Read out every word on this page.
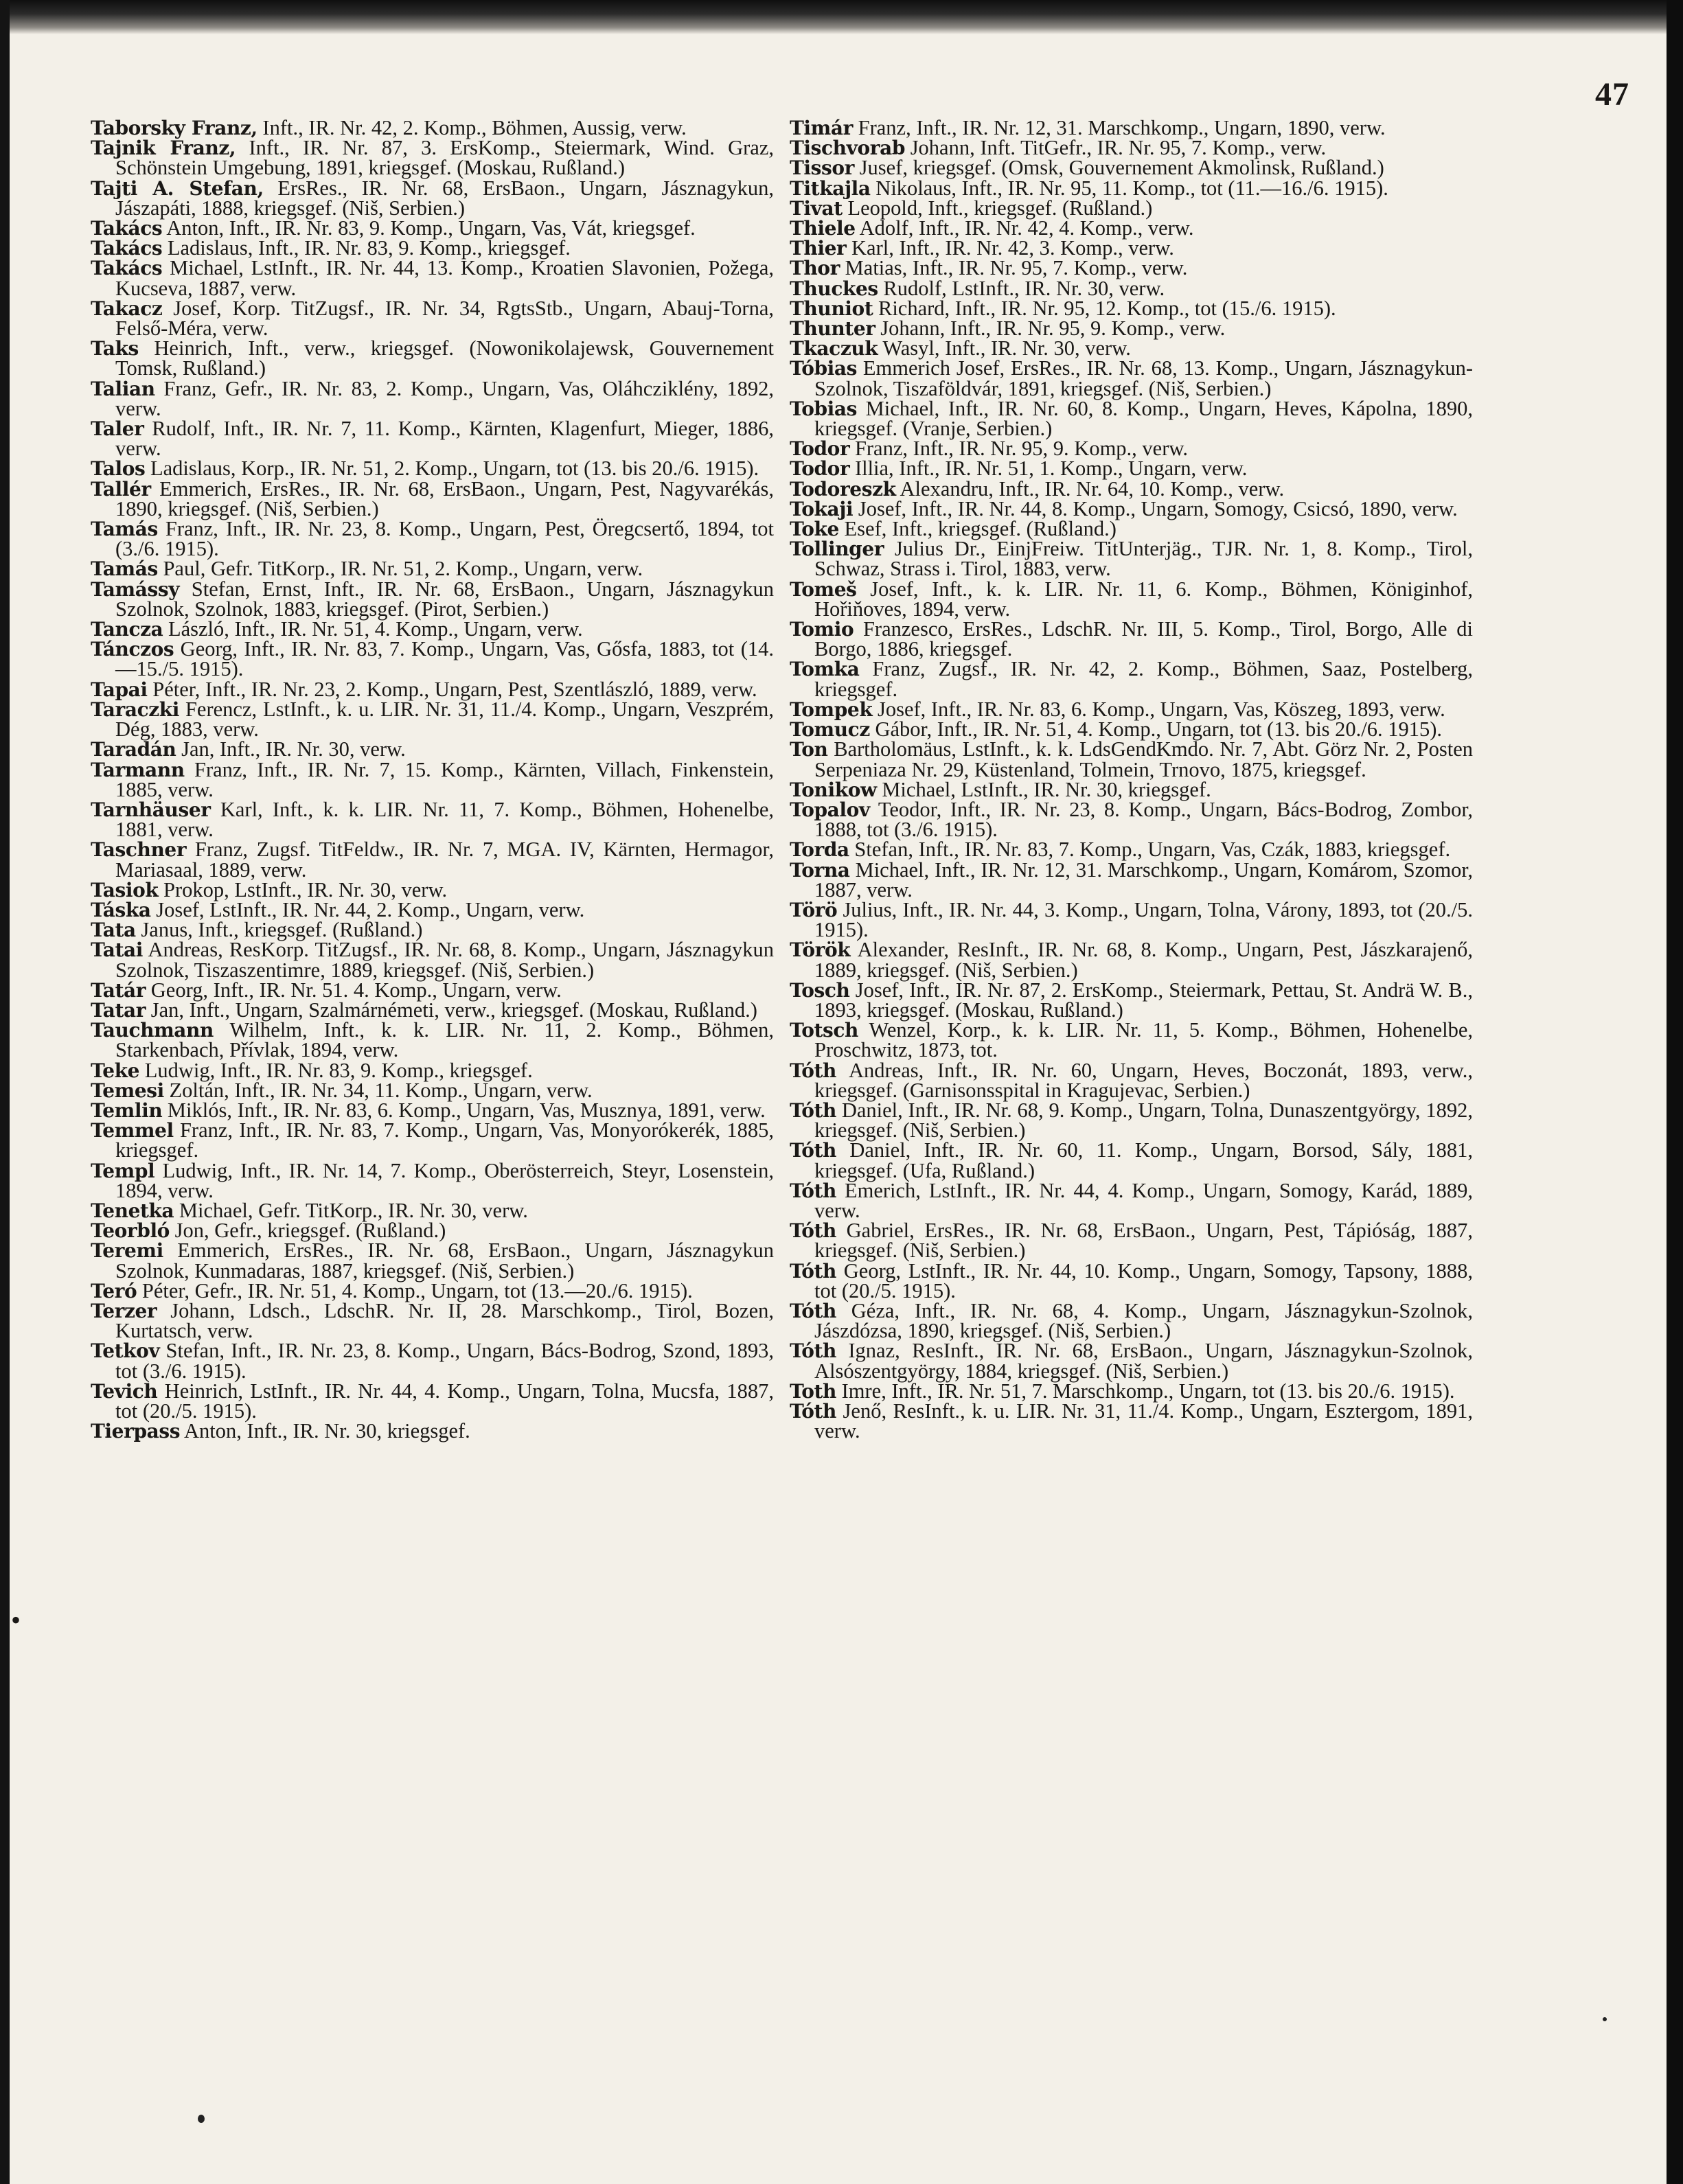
47

Taborsky Franz, Inft., IR. Nr. 42, 2. Komp., Böhmen, Aussig, verw.

Tajnik Franz, Inft., IR. Nr. 87, 3. ErsKomp., Steiermark, Wind. Graz, Schönstein Umgebung, 1891, kriegsgef. (Moskau, Rußland.)

Tajti A. Stefan, ErsRes., IR. Nr. 68, ErsBaon., Ungarn, Jásznagykun, Jászapáti, 1888, kriegsgef. (Niš, Serbien.)

Takács Anton, Inft., IR. Nr. 83, 9. Komp., Ungarn, Vas, Vát, kriegsgef.

Takács Ladislaus, Inft., IR. Nr. 83, 9. Komp., kriegsgef.

Takács Michael, LstInft., IR. Nr. 44, 13. Komp., Kroatien Slavonien, Požega, Kucseva, 1887, verw.

Takacz Josef, Korp. TitZugsf., IR. Nr. 34, RgtsStb., Ungarn, Abauj-Torna, Felső-Méra, verw.

Taks Heinrich, Inft., verw., kriegsgef. (Nowonikolajewsk, Gouvernement Tomsk, Rußland.)

Talian Franz, Gefr., IR. Nr. 83, 2. Komp., Ungarn, Vas, Oláhcziklény, 1892, verw.

Taler Rudolf, Inft., IR. Nr. 7, 11. Komp., Kärnten, Klagenfurt, Mieger, 1886, verw.

Talos Ladislaus, Korp., IR. Nr. 51, 2. Komp., Ungarn, tot (13. bis 20./6. 1915).

Tallér Emmerich, ErsRes., IR. Nr. 68, ErsBaon., Ungarn, Pest, Nagyvarékás, 1890, kriegsgef. (Niš, Serbien.)

Tamás Franz, Inft., IR. Nr. 23, 8. Komp., Ungarn, Pest, Öregcsertő, 1894, tot (3./6. 1915).

Tamás Paul, Gefr. TitKorp., IR. Nr. 51, 2. Komp., Ungarn, verw.

Tamássy Stefan, Ernst, Inft., IR. Nr. 68, ErsBaon., Ungarn, Jásznagykun Szolnok, Szolnok, 1883, kriegsgef. (Pirot, Serbien.)

Tancza László, Inft., IR. Nr. 51, 4. Komp., Ungarn, verw.

Tánczos Georg, Inft., IR. Nr. 83, 7. Komp., Ungarn, Vas, Gősfa, 1883, tot (14.—15./5. 1915).

Tapai Péter, Inft., IR. Nr. 23, 2. Komp., Ungarn, Pest, Szentlászló, 1889, verw.

Taraczki Ferencz, LstInft., k. u. LIR. Nr. 31, 11./4. Komp., Ungarn, Veszprém, Dég, 1883, verw.

Taradán Jan, Inft., IR. Nr. 30, verw.

Tarmann Franz, Inft., IR. Nr. 7, 15. Komp., Kärnten, Villach, Finkenstein, 1885, verw.

Tarnhäuser Karl, Inft., k. k. LIR. Nr. 11, 7. Komp., Böhmen, Hohenelbe, 1881, verw.

Taschner Franz, Zugsf. TitFeldw., IR. Nr. 7, MGA. IV, Kärnten, Hermagor, Mariasaal, 1889, verw.

Tasiok Prokop, LstInft., IR. Nr. 30, verw.

Táska Josef, LstInft., IR. Nr. 44, 2. Komp., Ungarn, verw.

Tata Janus, Inft., kriegsgef. (Rußland.)

Tatai Andreas, ResKorp. TitZugsf., IR. Nr. 68, 8. Komp., Ungarn, Jásznagykun Szolnok, Tiszaszentimre, 1889, kriegsgef. (Niš, Serbien.)

Tatár Georg, Inft., IR. Nr. 51. 4. Komp., Ungarn, verw.

Tatar Jan, Inft., Ungarn, Szalmárnémeti, verw., kriegsgef. (Moskau, Rußland.)

Tauchmann Wilhelm, Inft., k. k. LIR. Nr. 11, 2. Komp., Böhmen, Starkenbach, Přívlak, 1894, verw.

Teke Ludwig, Inft., IR. Nr. 83, 9. Komp., kriegsgef.

Temesi Zoltán, Inft., IR. Nr. 34, 11. Komp., Ungarn, verw.

Temlin Miklós, Inft., IR. Nr. 83, 6. Komp., Ungarn, Vas, Musznya, 1891, verw.

Temmel Franz, Inft., IR. Nr. 83, 7. Komp., Ungarn, Vas, Monyorókerék, 1885, kriegsgef.

Templ Ludwig, Inft., IR. Nr. 14, 7. Komp., Oberösterreich, Steyr, Losenstein, 1894, verw.

Tenetka Michael, Gefr. TitKorp., IR. Nr. 30, verw.

Teorbló Jon, Gefr., kriegsgef. (Rußland.)

Teremi Emmerich, ErsRes., IR. Nr. 68, ErsBaon., Ungarn, Jásznagykun Szolnok, Kunmadaras, 1887, kriegsgef. (Niš, Serbien.)

Teró Péter, Gefr., IR. Nr. 51, 4. Komp., Ungarn, tot (13.—20./6. 1915).

Terzer Johann, Ldsch., LdschR. Nr. II, 28. Marschkomp., Tirol, Bozen, Kurtatsch, verw.

Tetkov Stefan, Inft., IR. Nr. 23, 8. Komp., Ungarn, Bács-Bodrog, Szond, 1893, tot (3./6. 1915).

Tevich Heinrich, LstInft., IR. Nr. 44, 4. Komp., Ungarn, Tolna, Mucsfa, 1887, tot (20./5. 1915).

Tierpass Anton, Inft., IR. Nr. 30, kriegsgef.

Timár Franz, Inft., IR. Nr. 12, 31. Marschkomp., Ungarn, 1890, verw.

Tischvorab Johann, Inft. TitGefr., IR. Nr. 95, 7. Komp., verw.

Tissor Jusef, kriegsgef. (Omsk, Gouvernement Akmolinsk, Rußland.)

Titkajla Nikolaus, Inft., IR. Nr. 95, 11. Komp., tot (11.—16./6. 1915).

Tivat Leopold, Inft., kriegsgef. (Rußland.)

Thiele Adolf, Inft., IR. Nr. 42, 4. Komp., verw.

Thier Karl, Inft., IR. Nr. 42, 3. Komp., verw.

Thor Matias, Inft., IR. Nr. 95, 7. Komp., verw.

Thuckes Rudolf, LstInft., IR. Nr. 30, verw.

Thuniot Richard, Inft., IR. Nr. 95, 12. Komp., tot (15./6. 1915).

Thunter Johann, Inft., IR. Nr. 95, 9. Komp., verw.

Tkaczuk Wasyl, Inft., IR. Nr. 30, verw.

Tóbias Emmerich Josef, ErsRes., IR. Nr. 68, 13. Komp., Ungarn, Jásznagykun-Szolnok, Tiszaföldvár, 1891, kriegsgef. (Niš, Serbien.)

Tobias Michael, Inft., IR. Nr. 60, 8. Komp., Ungarn, Heves, Kápolna, 1890, kriegsgef. (Vranje, Serbien.)

Todor Franz, Inft., IR. Nr. 95, 9. Komp., verw.

Todor Illia, Inft., IR. Nr. 51, 1. Komp., Ungarn, verw.

Todoreszk Alexandru, Inft., IR. Nr. 64, 10. Komp., verw.

Tokaji Josef, Inft., IR. Nr. 44, 8. Komp., Ungarn, Somogy, Csicsó, 1890, verw.

Toke Esef, Inft., kriegsgef. (Rußland.)

Tollinger Julius Dr., EinjFreiw. TitUnterjäg., TJR. Nr. 1, 8. Komp., Tirol, Schwaz, Strass i. Tirol, 1883, verw.

Tomeš Josef, Inft., k. k. LIR. Nr. 11, 6. Komp., Böhmen, Königinhof, Hořiňoves, 1894, verw.

Tomio Franzesco, ErsRes., LdschR. Nr. III, 5. Komp., Tirol, Borgo, Alle di Borgo, 1886, kriegsgef.

Tomka Franz, Zugsf., IR. Nr. 42, 2. Komp., Böhmen, Saaz, Postelberg, kriegsgef.

Tompek Josef, Inft., IR. Nr. 83, 6. Komp., Ungarn, Vas, Köszeg, 1893, verw.

Tomucz Gábor, Inft., IR. Nr. 51, 4. Komp., Ungarn, tot (13. bis 20./6. 1915).

Ton Bartholomäus, LstInft., k. k. LdsGendKmdo. Nr. 7, Abt. Görz Nr. 2, Posten Serpeniaza Nr. 29, Küstenland, Tolmein, Trnovo, 1875, kriegsgef.

Tonikow Michael, LstInft., IR. Nr. 30, kriegsgef.

Topalov Teodor, Inft., IR. Nr. 23, 8. Komp., Ungarn, Bács-Bodrog, Zombor, 1888, tot (3./6. 1915).

Torda Stefan, Inft., IR. Nr. 83, 7. Komp., Ungarn, Vas, Czák, 1883, kriegsgef.

Torna Michael, Inft., IR. Nr. 12, 31. Marschkomp., Ungarn, Komárom, Szomor, 1887, verw.

Törö Julius, Inft., IR. Nr. 44, 3. Komp., Ungarn, Tolna, Várony, 1893, tot (20./5. 1915).

Török Alexander, ResInft., IR. Nr. 68, 8. Komp., Ungarn, Pest, Jászkarajenő, 1889, kriegsgef. (Niš, Serbien.)

Tosch Josef, Inft., IR. Nr. 87, 2. ErsKomp., Steiermark, Pettau, St. Andrä W. B., 1893, kriegsgef. (Moskau, Rußland.)

Totsch Wenzel, Korp., k. k. LIR. Nr. 11, 5. Komp., Böhmen, Hohenelbe, Proschwitz, 1873, tot.

Tóth Andreas, Inft., IR. Nr. 60, Ungarn, Heves, Boczonát, 1893, verw., kriegsgef. (Garnisonsspital in Kragujevac, Serbien.)

Tóth Daniel, Inft., IR. Nr. 68, 9. Komp., Ungarn, Tolna, Dunaszentgyörgy, 1892, kriegsgef. (Niš, Serbien.)

Tóth Daniel, Inft., IR. Nr. 60, 11. Komp., Ungarn, Borsod, Sály, 1881, kriegsgef. (Ufa, Rußland.)

Tóth Emerich, LstInft., IR. Nr. 44, 4. Komp., Ungarn, Somogy, Karád, 1889, verw.

Tóth Gabriel, ErsRes., IR. Nr. 68, ErsBaon., Ungarn, Pest, Tápióság, 1887, kriegsgef. (Niš, Serbien.)

Tóth Georg, LstInft., IR. Nr. 44, 10. Komp., Ungarn, Somogy, Tapsony, 1888, tot (20./5. 1915).

Tóth Géza, Inft., IR. Nr. 68, 4. Komp., Ungarn, Jásznagykun-Szolnok, Jászdózsa, 1890, kriegsgef. (Niš, Serbien.)

Tóth Ignaz, ResInft., IR. Nr. 68, ErsBaon., Ungarn, Jásznagykun-Szolnok, Alsószentgyörgy, 1884, kriegsgef. (Niš, Serbien.)

Toth Imre, Inft., IR. Nr. 51, 7. Marschkomp., Ungarn, tot (13. bis 20./6. 1915).

Tóth Jenő, ResInft., k. u. LIR. Nr. 31, 11./4. Komp., Ungarn, Esztergom, 1891, verw.

•
